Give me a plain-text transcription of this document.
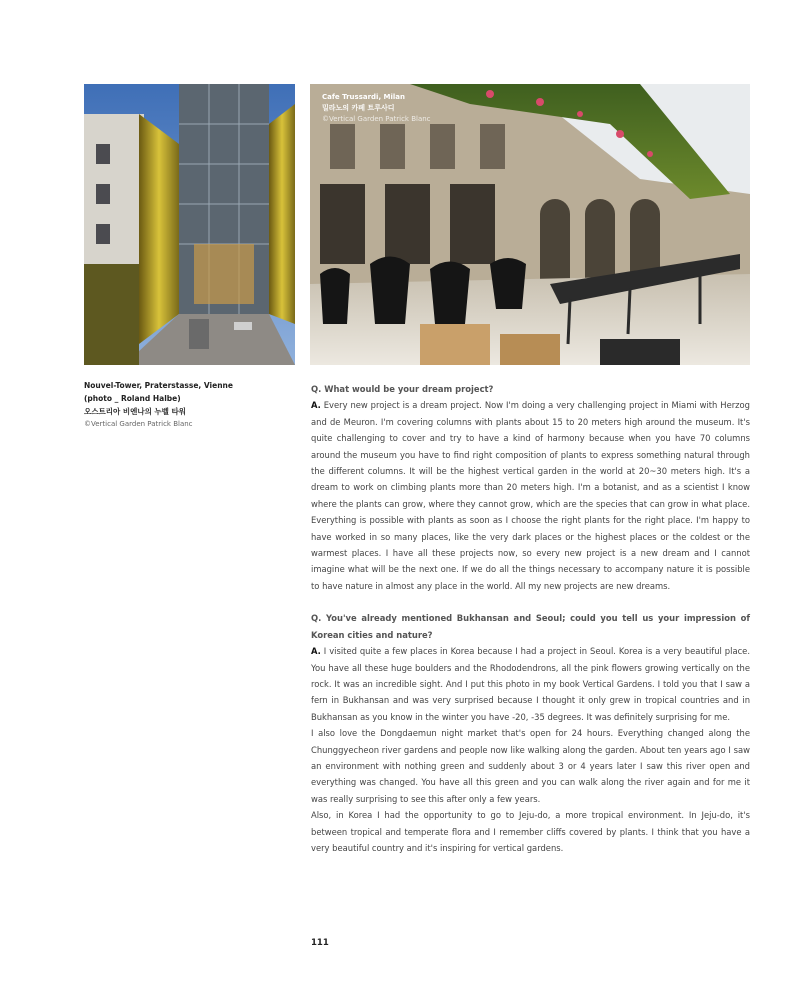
Cafe Trussardi, Milan
밀라노의 카페 트루사디
©Vertical Garden Patrick Blanc
Nouvel-Tower, Praterstasse, Vienne
(photo _ Roland Halbe)
오스트리아 비엔나의 누벨 타워
©Vertical Garden Patrick Blanc

Q. What would be your dream project?

A. Every new project is a dream project. Now I'm doing a very challenging project in Miami with Herzog and de Meuron. I'm covering columns with plants about 15 to 20 meters high around the museum. It's quite challenging to cover and try to have a kind of harmony because when you have 70 columns around the museum you have to find right composition of plants to express something natural through the different columns. It will be the highest vertical garden in the world at 20~30 meters high. It's a dream to work on climbing plants more than 20 meters high. I'm a botanist, and as a scientist I know where the plants can grow, where they cannot grow, which are the species that can grow in what place. Everything is possible with plants as soon as I choose the right plants for the right place. I'm happy to have worked in so many places, like the very dark places or the highest places or the coldest or the warmest places. I have all these projects now, so every new project is a new dream and I cannot imagine what will be the next one. If we do all the things necessary to accompany nature it is possible to have nature in almost any place in the world. All my new projects are new dreams.

Q. You've already mentioned Bukhansan and Seoul; could you tell us your impression of Korean cities and nature?

A. I visited quite a few places in Korea because I had a project in Seoul. Korea is a very beautiful place. You have all these huge boulders and the Rhododendrons, all the pink flowers growing vertically on the rock. It was an incredible sight. And I put this photo in my book Vertical Gardens. I told you that I saw a fern in Bukhansan and was very surprised because I thought it only grew in tropical countries and in Bukhansan as you know in the winter you have -20, -35 degrees. It was definitely surprising for me.

I also love the Dongdaemun night market that's open for 24 hours. Everything changed along the Chunggyecheon river gardens and people now like walking along the garden. About ten years ago I saw an environment with nothing green and suddenly about 3 or 4 years later I saw this river open and everything was changed. You have all this green and you can walk along the river again and for me it was really surprising to see this after only a few years.

Also, in Korea I had the opportunity to go to Jeju-do, a more tropical environment. In Jeju-do, it's between tropical and temperate flora and I remember cliffs covered by plants. I think that you have a very beautiful country and it's inspiring for vertical gardens.

111
